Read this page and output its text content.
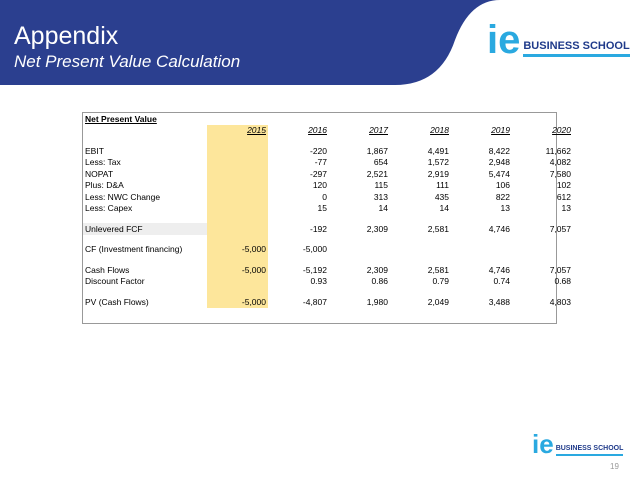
Appendix
Net Present Value Calculation	ie BUSINESS SCHOOL
Net Present Value						
	2015	2016	2017	2018	2019	2020

EBIT		-220	1,867	4,491	8,422	11,662
Less: Tax		-77	654	1,572	2,948	4,082
NOPAT		-297	2,521	2,919	5,474	7,580
Plus: D&A		120	115	111	106	102
Less: NWC Change		0	313	435	822	612
Less: Capex		15	14	14	13	13

Unlevered FCF		-192	2,309	2,581	4,746	7,057

CF (Investment financing)	-5,000	-5,000				

Cash Flows	-5,000	-5,192	2,309	2,581	4,746	7,057
Discount Factor		0.93	0.86	0.79	0.74	0.68

PV (Cash Flows)	-5,000	-4,807	1,980	2,049	3,488	4,803
ie BUSINESS SCHOOL
19
